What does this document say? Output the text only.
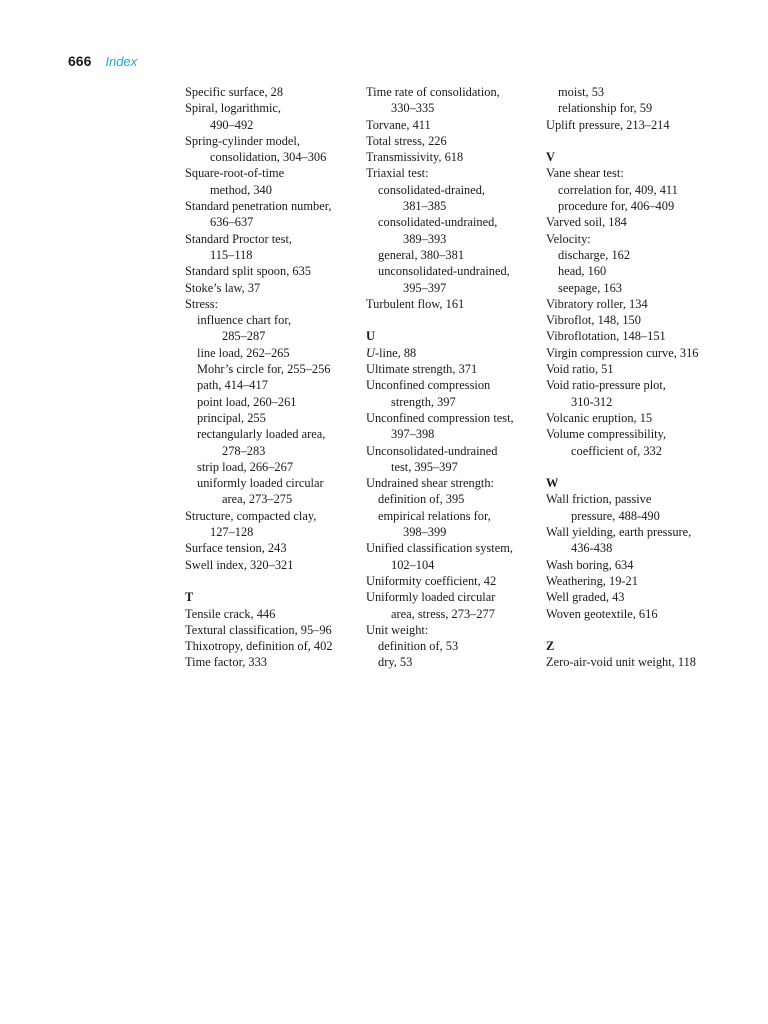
666 Index
Specific surface, 28
Spiral, logarithmic,
490–492
Spring-cylinder model,
consolidation, 304–306
Square-root-of-time
method, 340
Standard penetration number,
636–637
Standard Proctor test,
115–118
Standard split spoon, 635
Stoke’s law, 37
Stress:
influence chart for,
285–287
line load, 262–265
Mohr’s circle for, 255–256
path, 414–417
point load, 260–261
principal, 255
rectangularly loaded area,
278–283
strip load, 266–267
uniformly loaded circular
area, 273–275
Structure, compacted clay,
127–128
Surface tension, 243
Swell index, 320–321
T
Tensile crack, 446
Textural classification, 95–96
Thixotropy, definition of, 402
Time factor, 333
Time rate of consolidation,
330–335
Torvane, 411
Total stress, 226
Transmissivity, 618
Triaxial test:
consolidated-drained,
381–385
consolidated-undrained,
389–393
general, 380–381
unconsolidated-undrained,
395–397
Turbulent flow, 161
U
U-line, 88
Ultimate strength, 371
Unconfined compression
strength, 397
Unconfined compression test,
397–398
Unconsolidated-undrained
test, 395–397
Undrained shear strength:
definition of, 395
empirical relations for,
398–399
Unified classification system,
102–104
Uniformity coefficient, 42
Uniformly loaded circular
area, stress, 273–277
Unit weight:
definition of, 53
dry, 53
moist, 53
relationship for, 59
Uplift pressure, 213–214
V
Vane shear test:
correlation for, 409, 411
procedure for, 406–409
Varved soil, 184
Velocity:
discharge, 162
head, 160
seepage, 163
Vibratory roller, 134
Vibroflot, 148, 150
Vibroflotation, 148–151
Virgin compression curve, 316
Void ratio, 51
Void ratio-pressure plot,
310-312
Volcanic eruption, 15
Volume compressibility,
coefficient of, 332
W
Wall friction, passive
pressure, 488-490
Wall yielding, earth pressure,
436-438
Wash boring, 634
Weathering, 19-21
Well graded, 43
Woven geotextile, 616
Z
Zero-air-void unit weight, 118
